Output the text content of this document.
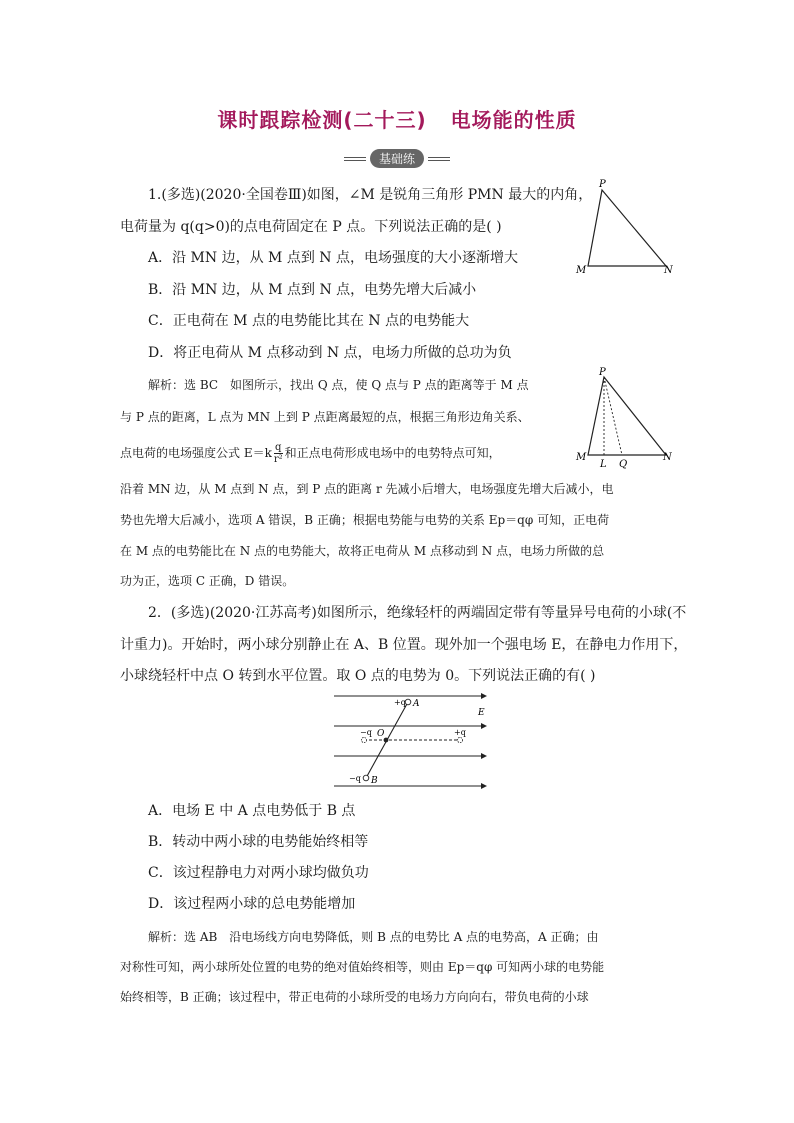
课时跟踪检测(二十三) 电场能的性质
基础练
1.(多选)(2020·全国卷Ⅲ)如图，∠M 是锐角三角形 PMN 最大的内角，
电荷量为 q(q>0)的点电荷固定在 P 点。下列说法正确的是( )
A．沿 MN 边，从 M 点到 N 点，电场强度的大小逐渐增大
B．沿 MN 边，从 M 点到 N 点，电势先增大后减小
C．正电荷在 M 点的电势能比其在 N 点的电势能大
D．将正电荷从 M 点移动到 N 点，电场力所做的总功为负
P
M	N
解析：选 BC　如图所示，找出 Q 点，使 Q 点与 P 点的距离等于 M 点
与 P 点的距离，L 点为 MN 上到 P 点距离最短的点，根据三角形边角关系、
点电荷的电场强度公式 $E=k \frac{q}{\text{r²}}$ 和正点电荷形成电场中的电势特点可知，
P
M	N
L Q
沿着 MN 边，从 M 点到 N 点，到 P 点的距离 r 先减小后增大，电场强度先增大后减小，电
势也先增大后减小，选项 A 错误，B 正确；根据电势能与电势的关系 Ep＝qφ 可知，正电荷
在 M 点的电势能比在 N 点的电势能大，故将正电荷从 M 点移动到 N 点，电场力所做的总
功为正，选项 C 正确，D 错误。
2．(多选)(2020·江苏高考)如图所示，绝缘轻杆的两端固定带有等量异号电荷的小球(不
计重力)。开始时，两小球分别静止在 A、B 位置。现外加一个强电场 E，在静电力作用下，
小球绕轻杆中点 O 转到水平位置。取 O 点的电势为 0。下列说法正确的有( )
+q A
E
−q	+q
O
−q B
A．电场 E 中 A 点电势低于 B 点
B．转动中两小球的电势能始终相等
C．该过程静电力对两小球均做负功
D．该过程两小球的总电势能增加
解析：选 AB　沿电场线方向电势降低，则 B 点的电势比 A 点的电势高，A 正确；由
对称性可知，两小球所处位置的电势的绝对值始终相等，则由 Ep＝qφ 可知两小球的电势能
始终相等，B 正确；该过程中，带正电荷的小球所受的电场力方向向右，带负电荷的小球
